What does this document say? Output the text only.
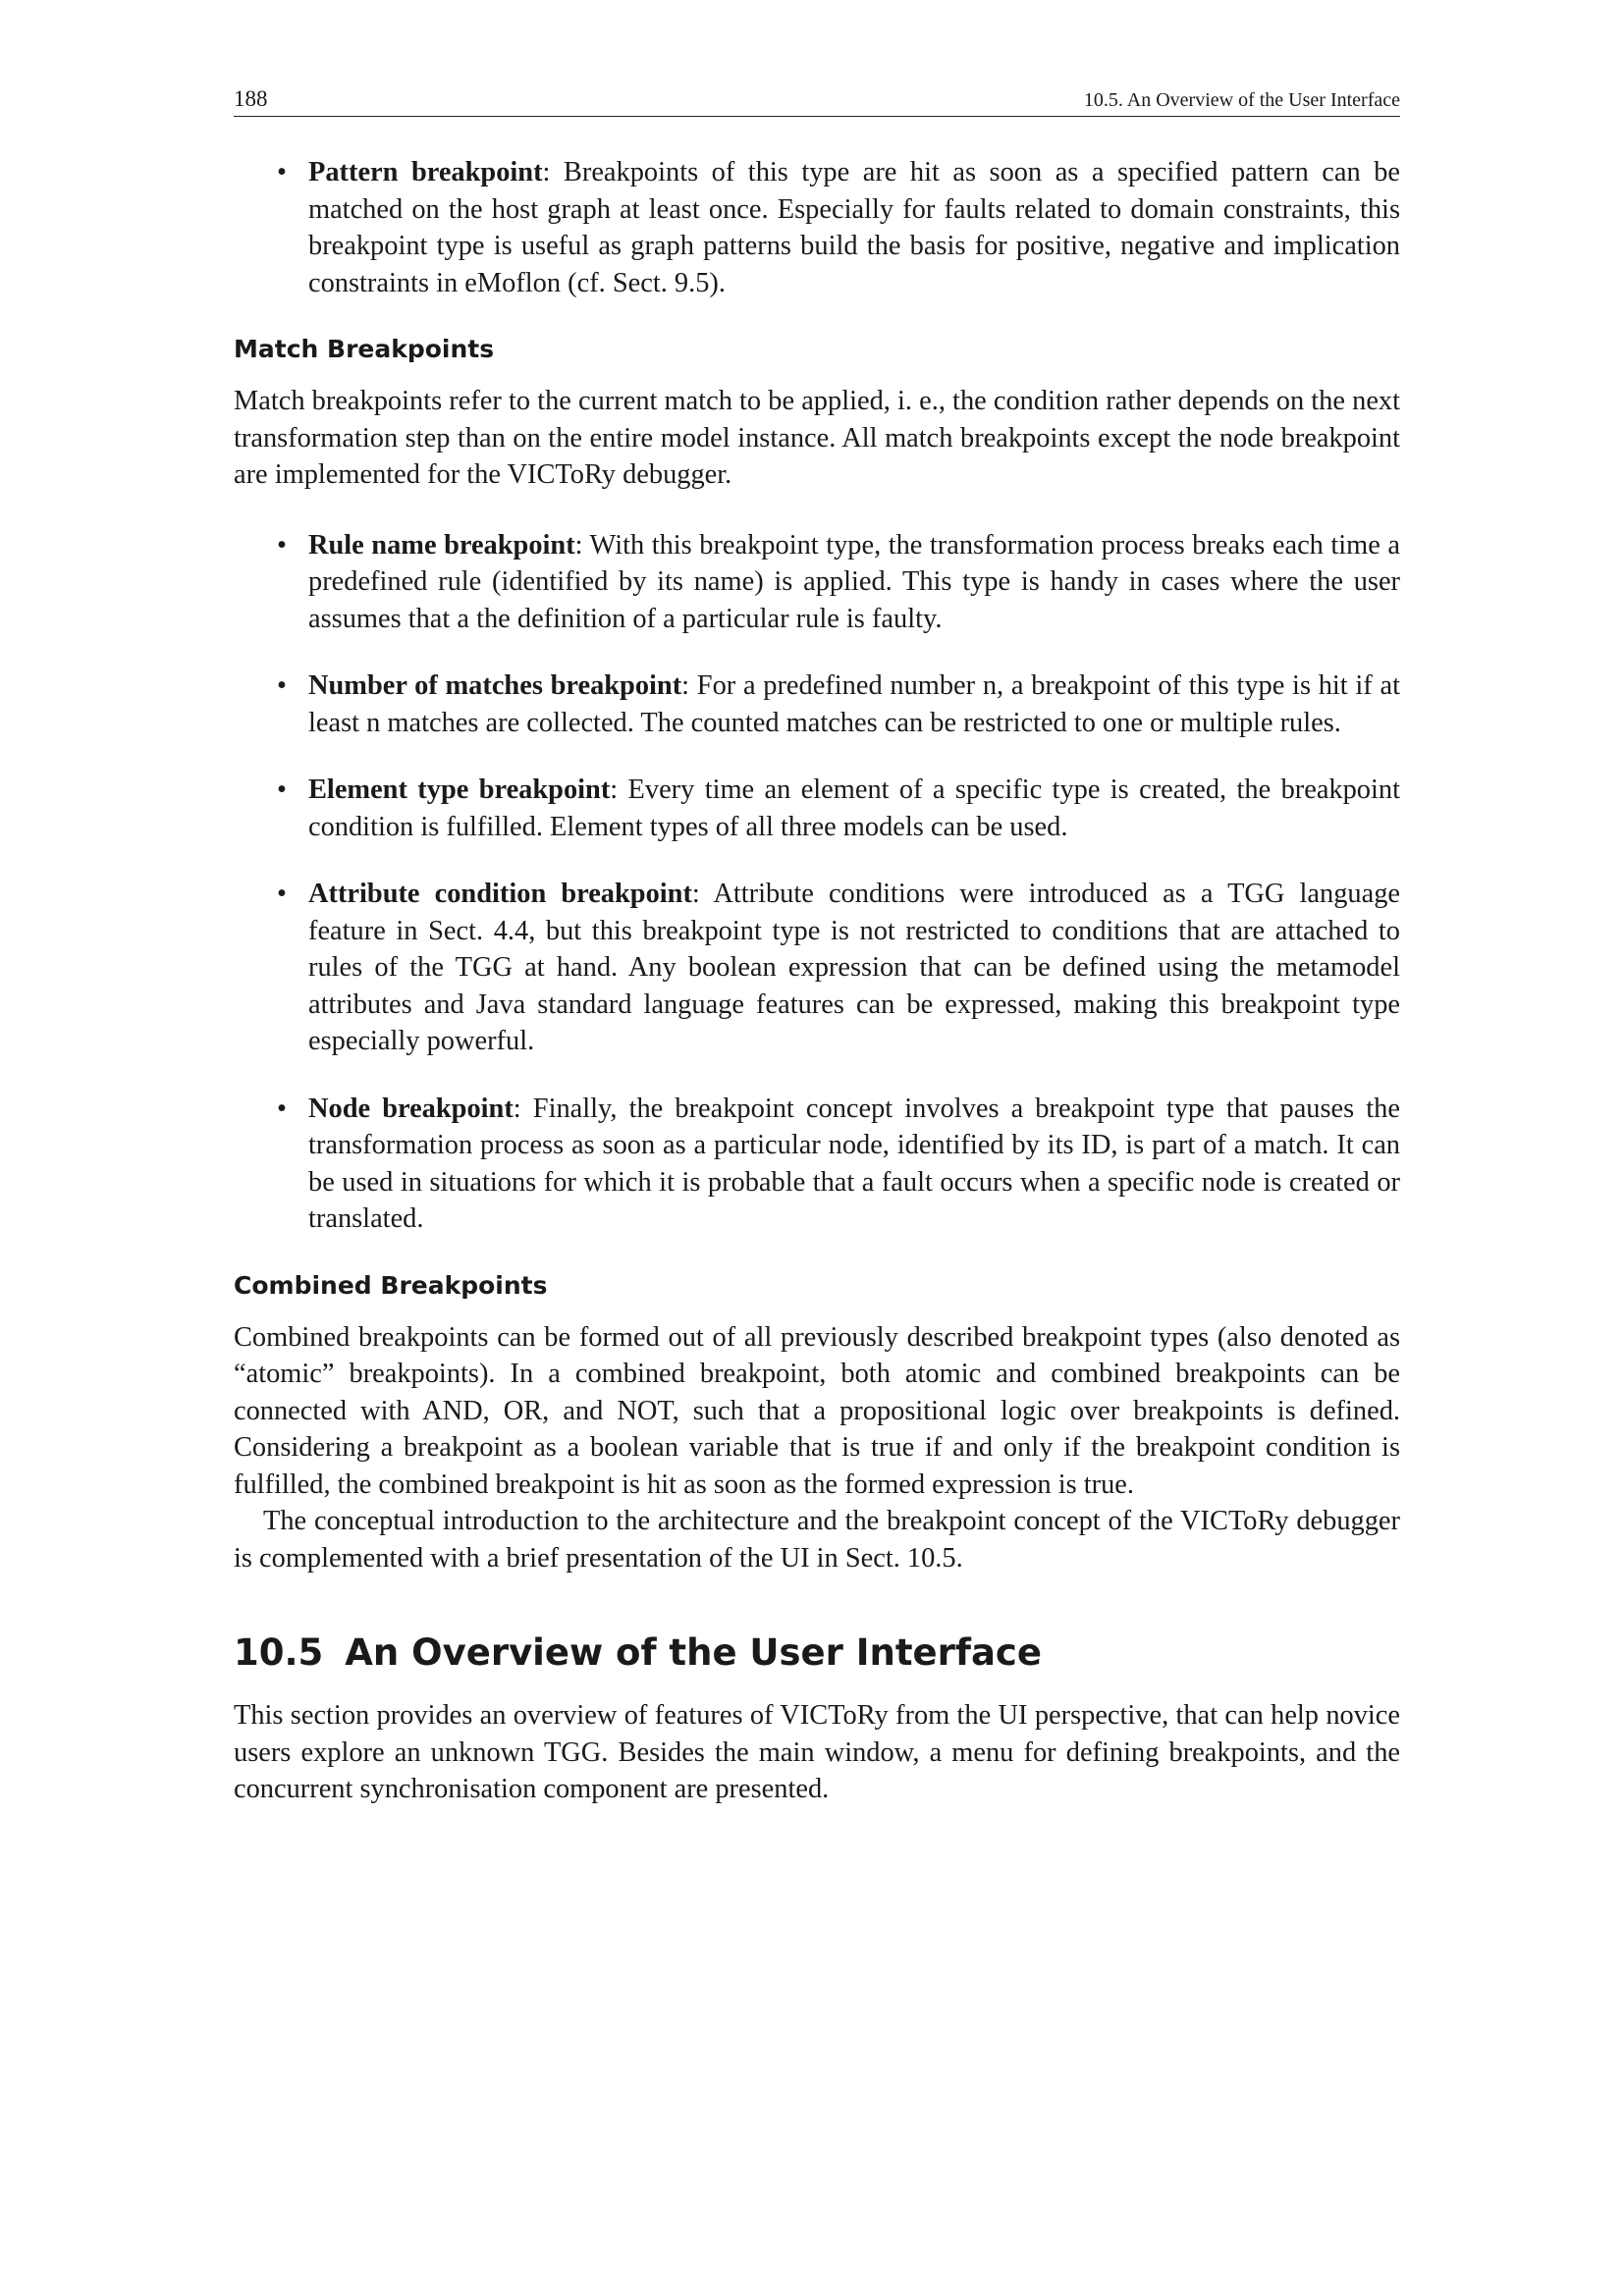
188	10.5. An Overview of the User Interface
• Pattern breakpoint: Breakpoints of this type are hit as soon as a specified pattern can be matched on the host graph at least once. Especially for faults related to domain constraints, this breakpoint type is useful as graph patterns build the basis for positive, negative and implication constraints in eMoflon (cf. Sect. 9.5).
Match Breakpoints

Match breakpoints refer to the current match to be applied, i. e., the condition rather depends on the next transformation step than on the entire model instance. All match breakpoints except the node breakpoint are implemented for the VICToRy debugger.

• Rule name breakpoint: With this breakpoint type, the transformation process breaks each time a predefined rule (identified by its name) is applied. This type is handy in cases where the user assumes that a the definition of a particular rule is faulty.
• Number of matches breakpoint: For a predefined number n, a breakpoint of this type is hit if at least n matches are collected. The counted matches can be restricted to one or multiple rules.
• Element type breakpoint: Every time an element of a specific type is created, the breakpoint condition is fulfilled. Element types of all three models can be used.
• Attribute condition breakpoint: Attribute conditions were introduced as a TGG language feature in Sect. 4.4, but this breakpoint type is not restricted to conditions that are attached to rules of the TGG at hand. Any boolean expression that can be defined using the metamodel attributes and Java standard language features can be expressed, making this breakpoint type especially powerful.
• Node breakpoint: Finally, the breakpoint concept involves a breakpoint type that pauses the transformation process as soon as a particular node, identified by its ID, is part of a match. It can be used in situations for which it is probable that a fault occurs when a specific node is created or translated.
Combined Breakpoints

Combined breakpoints can be formed out of all previously described breakpoint types (also denoted as “atomic” breakpoints). In a combined breakpoint, both atomic and combined breakpoints can be connected with AND, OR, and NOT, such that a propositional logic over breakpoints is defined. Considering a breakpoint as a boolean variable that is true if and only if the breakpoint condition is fulfilled, the combined breakpoint is hit as soon as the formed expression is true.

The conceptual introduction to the architecture and the breakpoint concept of the VICToRy debugger is complemented with a brief presentation of the UI in Sect. 10.5.

10.5 An Overview of the User Interface

This section provides an overview of features of VICToRy from the UI perspective, that can help novice users explore an unknown TGG. Besides the main window, a menu for defining breakpoints, and the concurrent synchronisation component are presented.
